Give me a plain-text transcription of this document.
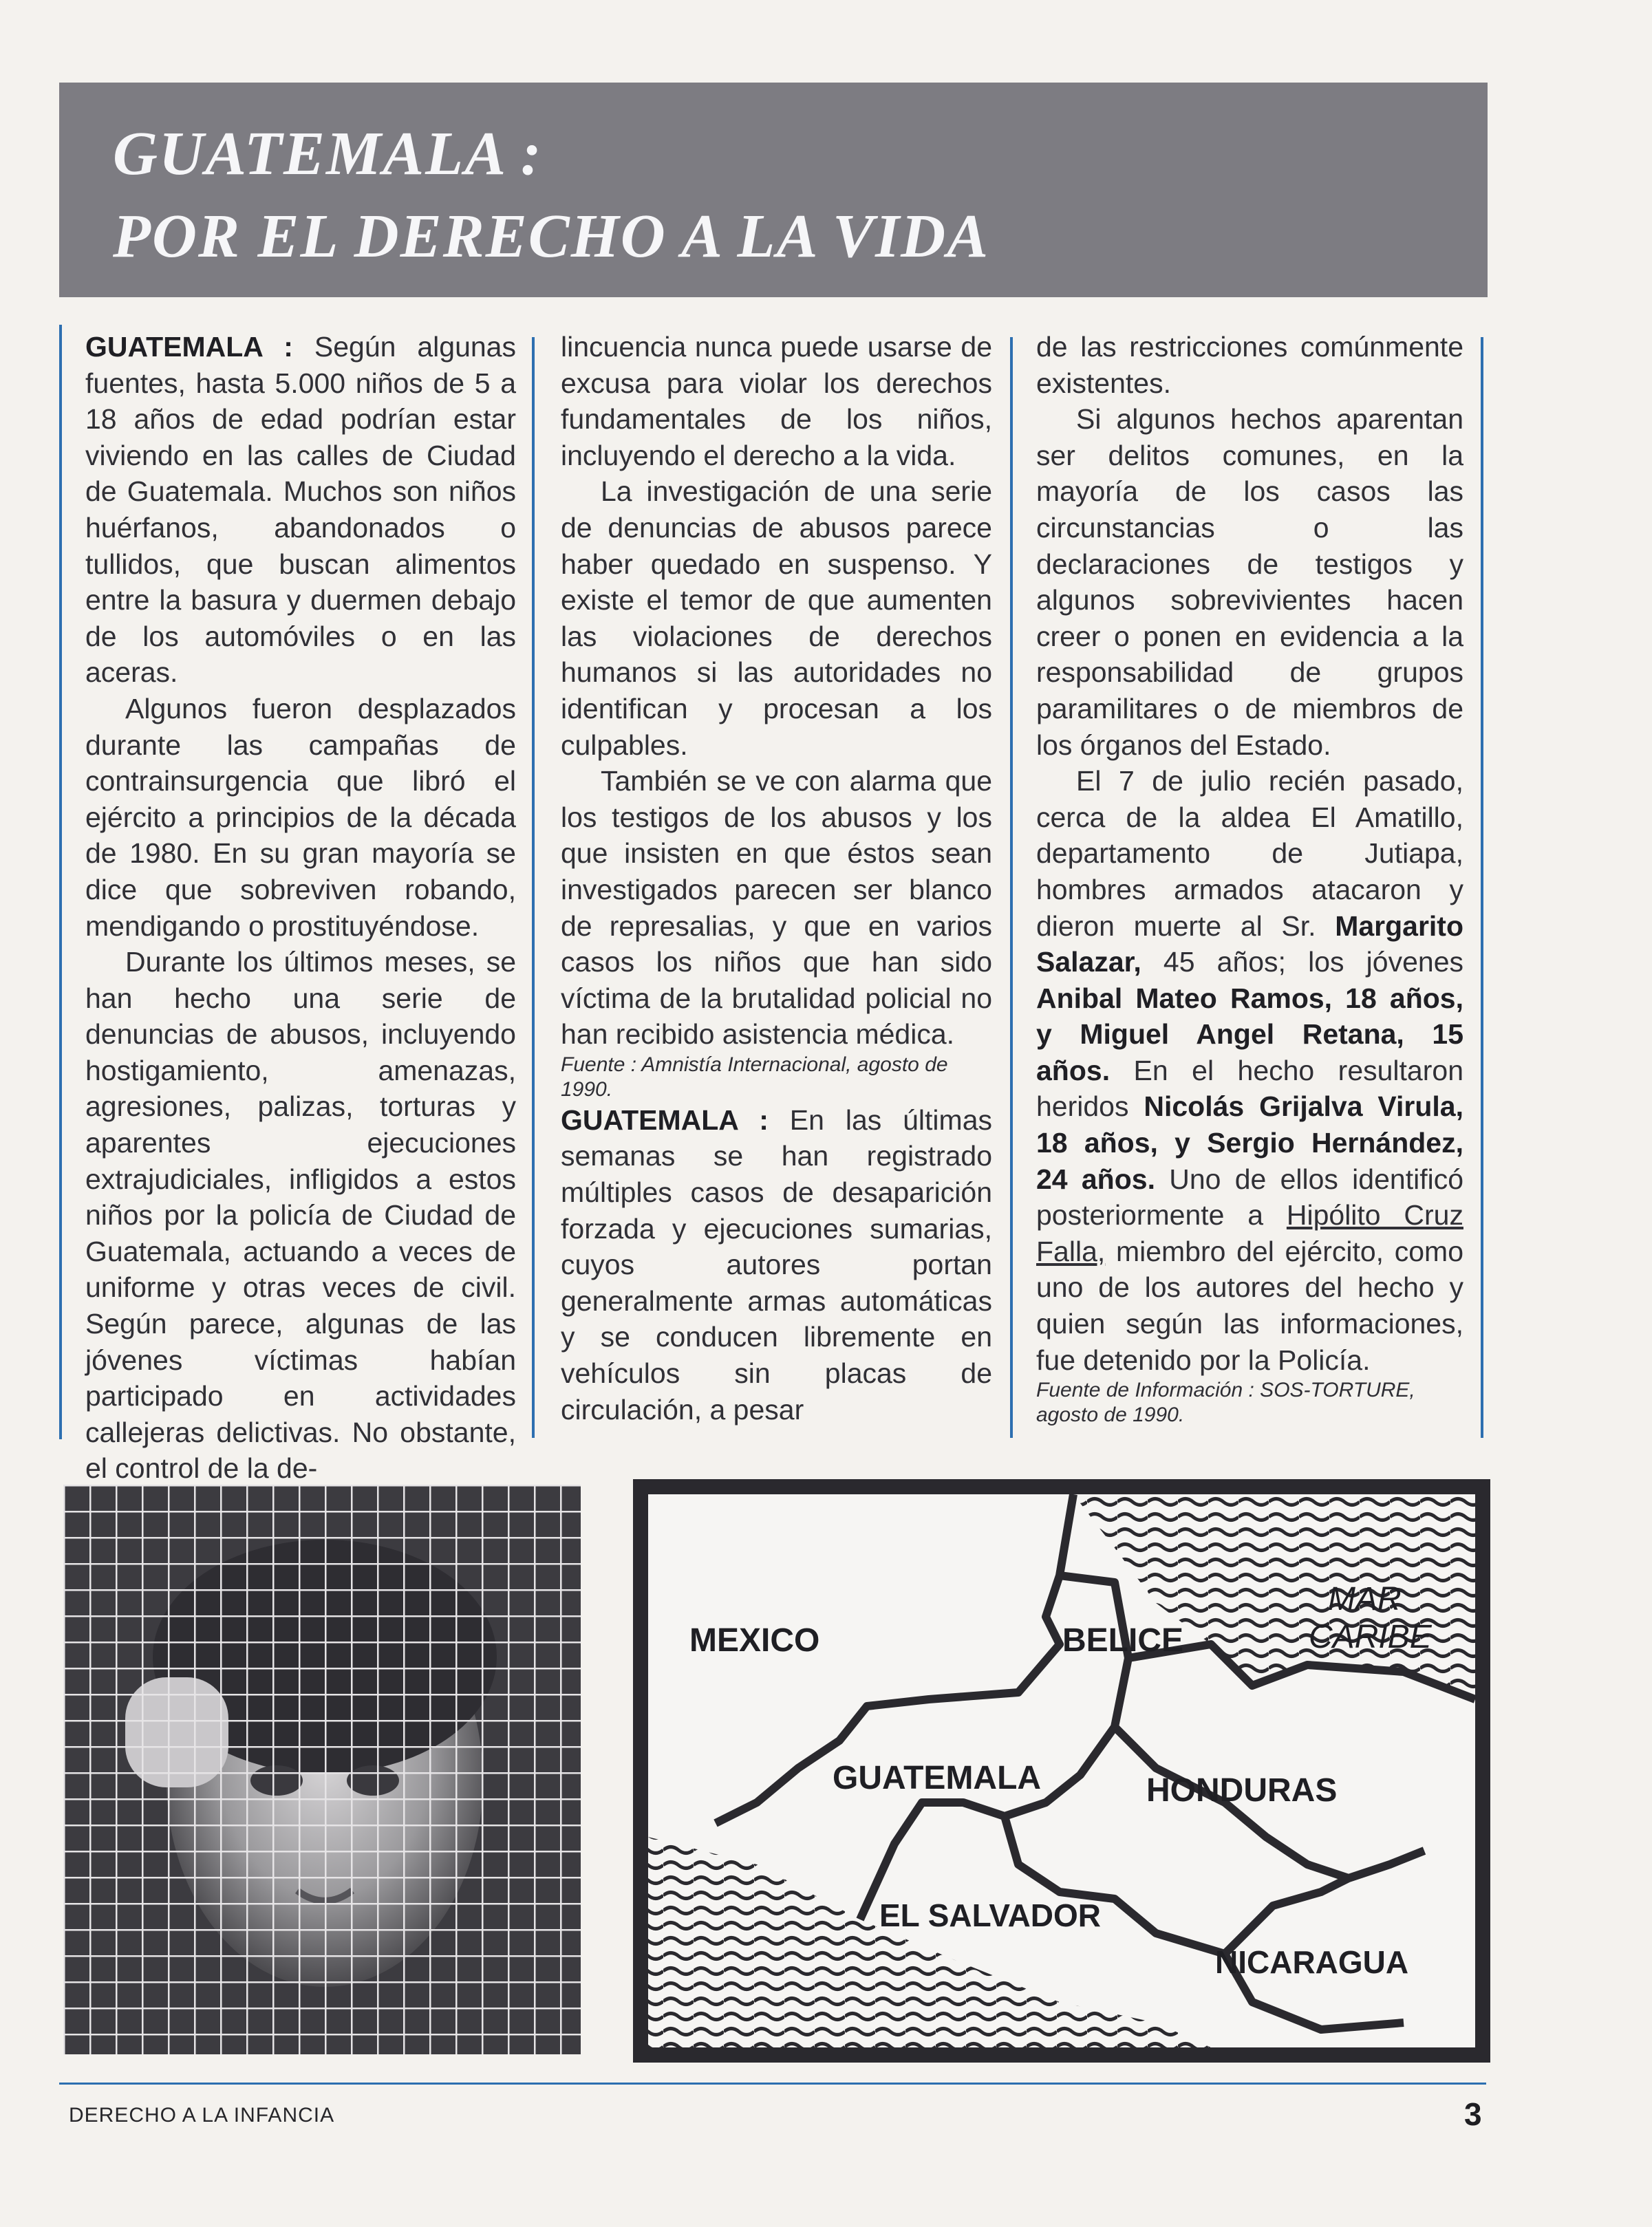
GUATEMALA :
POR EL DERECHO A LA VIDA

GUATEMALA : Según algunas fuentes, hasta 5.000 niños de 5 a 18 años de edad podrían estar viviendo en las calles de Ciudad de Guatemala. Muchos son niños huérfanos, abandonados o tullidos, que buscan alimentos entre la basura y duermen debajo de los automóviles o en las aceras.

Algunos fueron desplazados durante las campañas de contrainsurgencia que libró el ejército a principios de la década de 1980. En su gran mayoría se dice que sobreviven robando, mendigando o prostituyéndose.

Durante los últimos meses, se han hecho una serie de denuncias de abusos, incluyendo hostigamiento, amenazas, agresiones, palizas, torturas y aparentes ejecuciones extrajudiciales, infligidos a estos niños por la policía de Ciudad de Guatemala, actuando a veces de uniforme y otras veces de civil. Según parece, algunas de las jóvenes víctimas habían participado en actividades callejeras delictivas. No obstante, el control de la de-

lincuencia nunca puede usarse de excusa para violar los derechos fundamentales de los niños, incluyendo el derecho a la vida.

La investigación de una serie de denuncias de abusos parece haber quedado en suspenso. Y existe el temor de que aumenten las violaciones de derechos humanos si las autoridades no identifican y procesan a los culpables.

También se ve con alarma que los testigos de los abusos y los que insisten en que éstos sean investigados parecen ser blanco de represalias, y que en varios casos los niños que han sido víctima de la brutalidad policial no han recibido asistencia médica.

Fuente : Amnistía Internacional, agosto de 1990.

GUATEMALA : En las últimas semanas se han registrado múltiples casos de desaparición forzada y ejecuciones sumarias, cuyos autores portan generalmente armas automáticas y se conducen libremente en vehículos sin placas de circulación, a pesar

de las restricciones comúnmente existentes.

Si algunos hechos aparentan ser delitos comunes, en la mayoría de los casos las circunstancias o las declaraciones de testigos y algunos sobrevivientes hacen creer o ponen en evidencia a la responsabilidad de grupos paramilitares o de miembros de los órganos del Estado.

El 7 de julio recién pasado, cerca de la aldea El Amatillo, departamento de Jutiapa, hombres armados atacaron y dieron muerte al Sr. Margarito Salazar, 45 años; los jóvenes Anibal Mateo Ramos, 18 años, y Miguel Angel Retana, 15 años. En el hecho resultaron heridos Nicolás Grijalva Virula, 18 años, y Sergio Hernández, 24 años. Uno de ellos identificó posteriormente a Hipólito Cruz Falla, miembro del ejército, como uno de los autores del hecho y quien según las informaciones, fue detenido por la Policía.

Fuente de Información : SOS-TORTURE, agosto de 1990.

MEXICO	BELICE
GUATEMALA	HONDURAS
EL SALVADOR
NICARAGUA
MAR
CARIBE
DERECHO A LA INFANCIA	3
